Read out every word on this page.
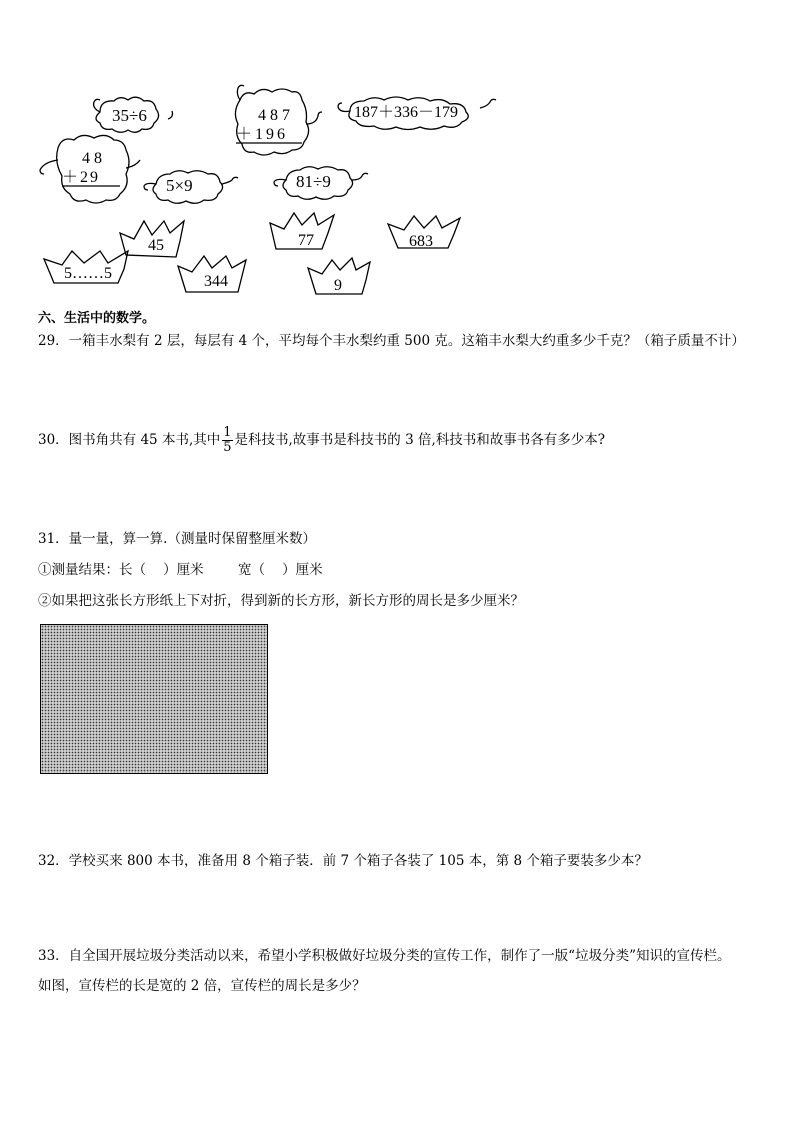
35÷6	487
＋196
187＋336－179
48
＋29	5×9	81÷9
45
5……5	344
77
9
683
六、生活中的数学。
29．一箱丰水梨有 2 层，每层有 4 个，平均每个丰水梨约重 500 克。这箱丰水梨大约重多少千克？（箱子质量不计）
30．图书角共有 45 本书,其中 $\frac{1}{5}$ 是科技书,故事书是科技书的 3 倍,科技书和故事书各有多少本?
31．量一量，算一算.（测量时保留整厘米数）
①测量结果：长（    ）厘米        宽（    ）厘米
②如果把这张长方形纸上下对折，得到新的长方形，新长方形的周长是多少厘米？
32．学校买来 800 本书，准备用 8 个箱子装．前 7 个箱子各装了 105 本，第 8 个箱子要装多少本？
33．自全国开展垃圾分类活动以来，希望小学积极做好垃圾分类的宣传工作，制作了一版“垃圾分类”知识的宣传栏。
如图，宣传栏的长是宽的 2 倍，宣传栏的周长是多少？
